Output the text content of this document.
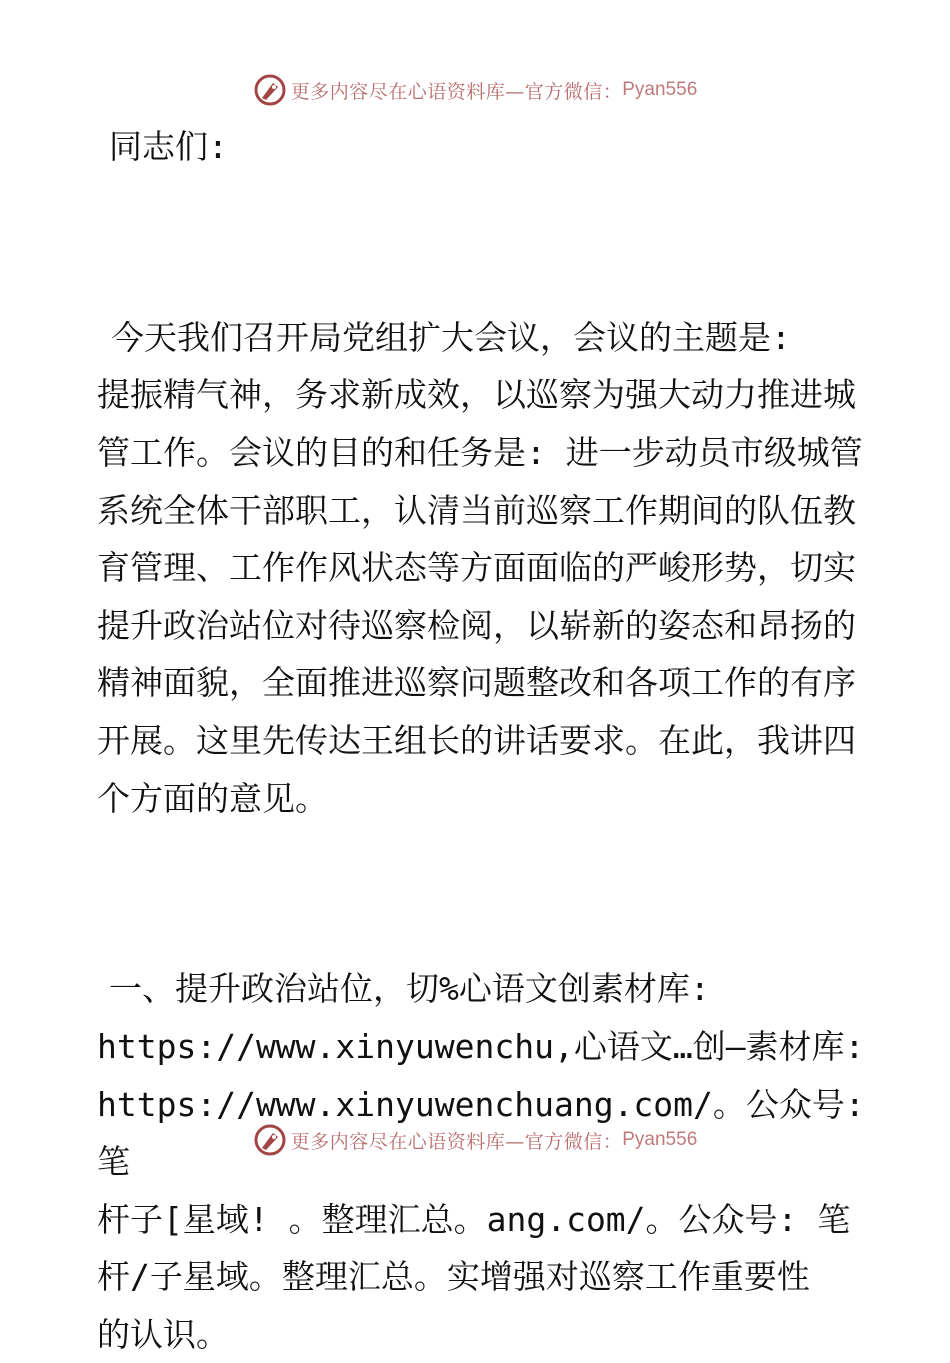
更多内容尽在心语资料库—官方微信： Pyan556

同志们:

今天我们召开局党组扩大会议，会议的主题是:
提振精气神，务求新成效，以巡察为强大动力推进城管工作。会议的目的和任务是: 进一步动员市级城管系统全体干部职工，认清当前巡察工作期间的队伍教育管理、工作作风状态等方面面临的严峻形势，切实提升政治站位对待巡察检阅，以崭新的姿态和昂扬的精神面貌，全面推进巡察问题整改和各项工作的有序开展。这里先传达王组长的讲话要求。在此，我讲四个方面的意见。

一、提升政治站位，切%心语文创素材库:

https://www.xinyuwenchu,心语文…创—素材库:
https://www.xinyuwenchuang.com/。公众号: 笔
杆子[星域! 。整理汇总。ang.com/。公众号: 笔
杆/子星域。整理汇总。实增强对巡察工作重要性
的认识。
更多内容尽在心语资料库—官方微信： Pyan556
